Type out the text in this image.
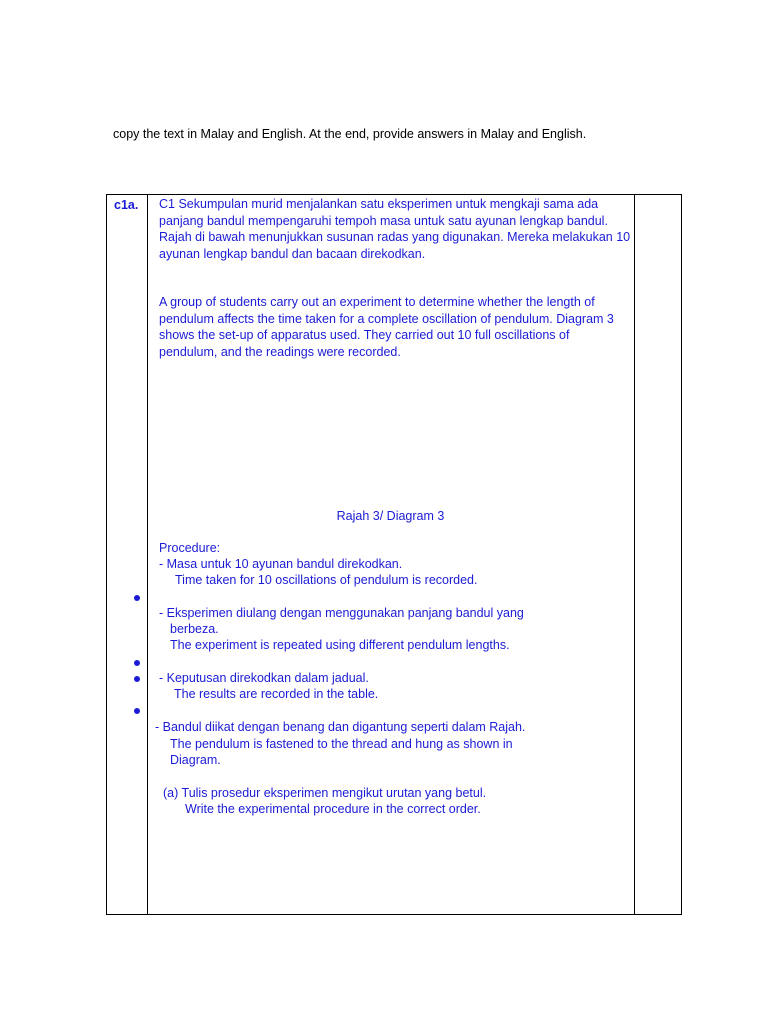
copy the text in Malay and English. At the end, provide answers in Malay and English.
c1a. C1 Sekumpulan murid menjalankan satu eksperimen untuk mengkaji sama ada panjang bandul mempengaruhi tempoh masa untuk satu ayunan lengkap bandul. Rajah di bawah menunjukkan susunan radas yang digunakan. Mereka melakukan 10 ayunan lengkap bandul dan bacaan direkodkan.

A group of students carry out an experiment to determine whether the length of pendulum affects the time taken for a complete oscillation of pendulum. Diagram 3 shows the set-up of apparatus used. They carried out 10 full oscillations of pendulum, and the readings were recorded.

Rajah 3/ Diagram 3
Procedure:
- Masa untuk 10 ayunan bandul direkodkan.
Time taken for 10 oscillations of pendulum is recorded.
- Eksperimen diulang dengan menggunakan panjang bandul yang
berbeza.
The experiment is repeated using different pendulum lengths.
- Keputusan direkodkan dalam jadual.
The results are recorded in the table.
- Bandul diikat dengan benang dan digantung seperti dalam Rajah.
The pendulum is fastened to the thread and hung as shown in
Diagram.
(a) Tulis prosedur eksperimen mengikut urutan yang betul.
Write the experimental procedure in the correct order.
